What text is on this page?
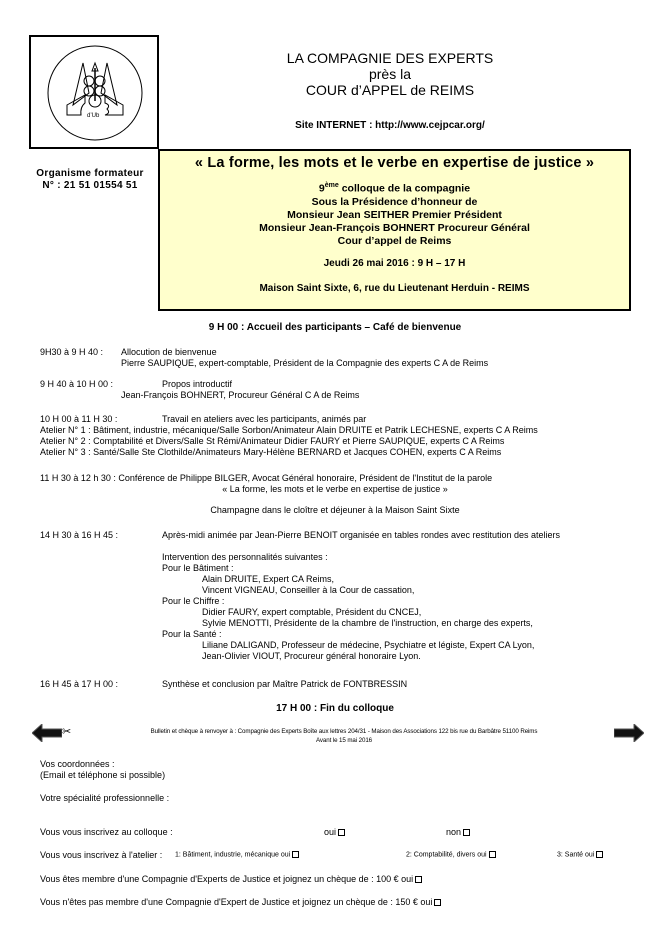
d’Ub
LA COMPAGNIE DES EXPERTS
près la
COUR d’APPEL de REIMS
Site INTERNET : http://www.cejpcar.org/
Organisme formateur
N° : 21 51 01554 51
« La forme, les mots et le verbe en expertise de justice »
9ème colloque de la compagnie
Sous la Présidence d’honneur de
Monsieur Jean SEITHER Premier Président
Monsieur Jean-François BOHNERT Procureur Général
Cour d’appel de Reims
Jeudi 26 mai 2016 : 9 H – 17 H
Maison Saint Sixte, 6, rue du Lieutenant Herduin - REIMS
9 H 00 : Accueil des participants – Café de bienvenue
9H30 à 9 H 40 : Allocution de bienvenue
Pierre SAUPIQUE, expert-comptable, Président de la Compagnie des experts C A de Reims
9 H 40 à 10 H 00 :	Propos introductif
Jean-François BOHNERT, Procureur Général C A de Reims
10 H 00 à 11 H 30 :	Travail en ateliers avec les participants, animés par
Atelier N° 1 : Bâtiment, industrie, mécanique/Salle Sorbon/Animateur Alain DRUITE et Patrik LECHESNE, experts C A Reims
Atelier N° 2 : Comptabilité et Divers/Salle St Rémi/Animateur Didier FAURY et Pierre SAUPIQUE, experts C A Reims
Atelier N° 3 : Santé/Salle Ste Clothilde/Animateurs Mary-Hélène BERNARD et Jacques COHEN, experts C A Reims
11 H 30 à 12 h 30 : Conférence de Philippe BILGER, Avocat Général honoraire, Président de l'Institut de la parole
« La forme, les mots et le verbe en expertise de justice »
Champagne dans le cloître et déjeuner à la Maison Saint Sixte
14 H 30 à 16 H 45 :	Après-midi animée par Jean-Pierre BENOIT organisée en tables rondes avec restitution des ateliers
Intervention des personnalités suivantes :
Pour le Bâtiment :
Alain DRUITE, Expert CA Reims,
Vincent VIGNEAU, Conseiller à la Cour de cassation,
Pour le Chiffre :
Didier FAURY, expert comptable, Président du CNCEJ,
Sylvie MENOTTI, Présidente de la chambre de l'instruction, en charge des experts,
Pour la Santé :
Liliane DALIGAND, Professeur de médecine, Psychiatre et légiste, Expert CA Lyon,
Jean-Olivier VIOUT, Procureur général honoraire Lyon.
16 H 45 à 17 H 00 :	Synthèse et conclusion par Maître Patrick de FONTBRESSIN
17 H 00 : Fin du colloque
✂	Bulletin et chèque à renvoyer à : Compagnie des Experts Boîte aux lettres 204/31 - Maison des Associations 122 bis rue du Barbâtre 51100 Reims
Avant le 15 mai 2016
Vos coordonnées :
(Email et téléphone si possible)
Votre spécialité professionnelle :
Vous vous inscrivez au colloque :	oui	non
Vous vous inscrivez à l'atelier : 1: Bâtiment, industrie, mécanique oui	2: Comptabilité, divers oui	3: Santé oui
Vous êtes membre d'une Compagnie d'Experts de Justice et joignez un chèque de : 100 € oui
Vous n'êtes pas membre d'une Compagnie d'Expert de Justice et joignez un chèque de : 150 € oui
